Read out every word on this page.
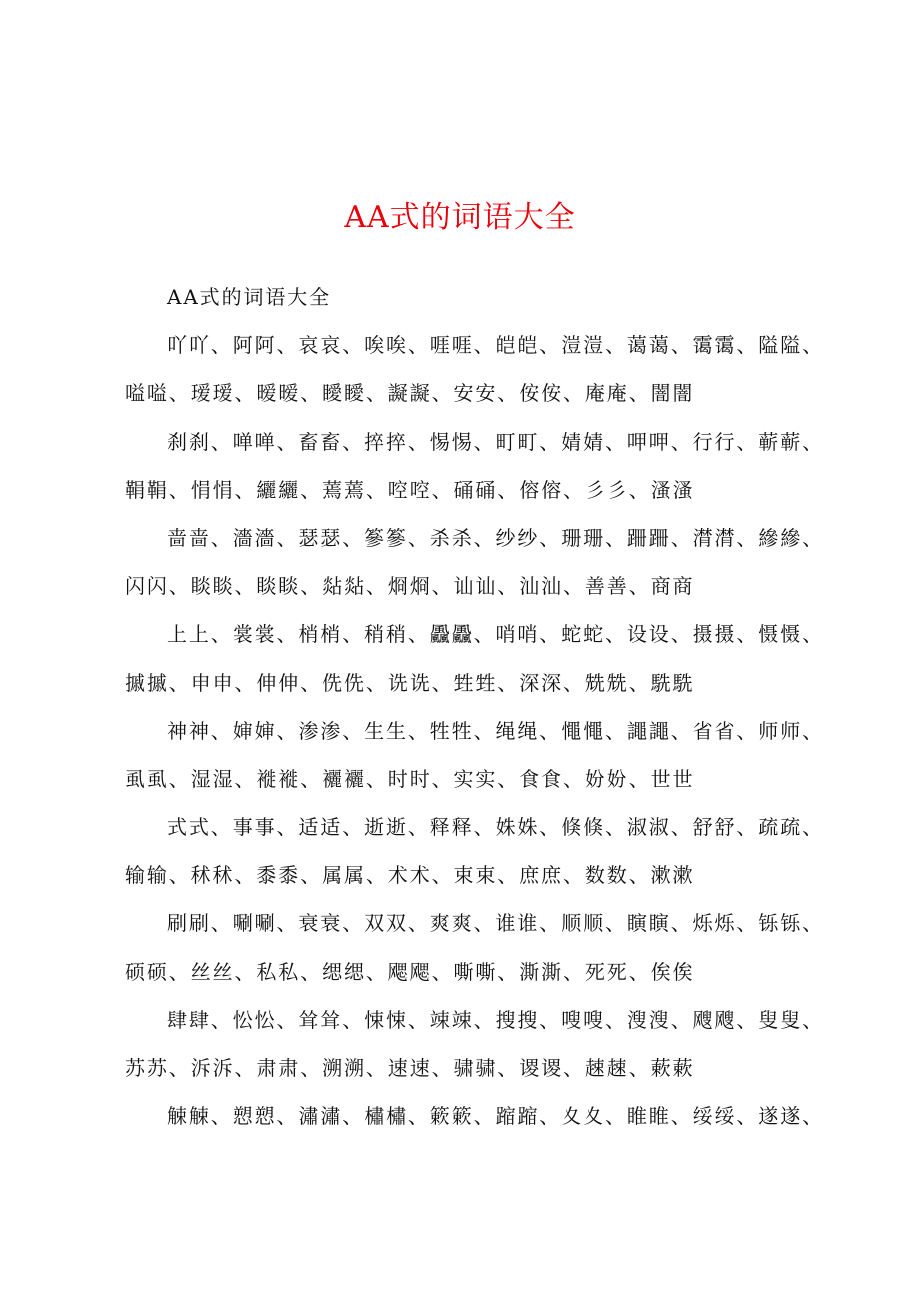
AA式的词语大全
AA式的词语大全
吖吖、阿阿、哀哀、唉唉、啀啀、皑皑、溰溰、蔼蔼、霭霭、隘隘、
嗌嗌、瑷瑷、暧暧、瞹瞹、譺譺、安安、侒侒、庵庵、闇闇
刹刹、啴啴、畜畜、捽捽、惕惕、町町、婧婧、呷呷、行行、蕲蕲、
鞙鞙、悁悁、纚纚、蔫蔫、啌啌、硧硧、傛傛、彡彡、溞溞
啬啬、濇濇、瑟瑟、篸篸、杀杀、纱纱、珊珊、跚跚、潸潸、縿縿、
闪闪、睒睒、睒睒、煔煔、烱烱、讪讪、汕汕、善善、商商
上上、裳裳、梢梢、稍稍、飍飍、哨哨、蛇蛇、设设、摄摄、慑慑、
摵摵、申申、伸伸、侁侁、诜诜、甡甡、深深、兟兟、駪駪
神神、婶婶、渗渗、生生、牲牲、绳绳、憴憴、譝譝、省省、师师、
虱虱、湿湿、褷褷、襹襹、时时、实实、食食、妢妢、世世
式式、事事、适适、逝逝、释释、姝姝、倏倏、淑淑、舒舒、疏疏、
输输、秫秫、黍黍、属属、术术、束束、庶庶、数数、漱漱
刷刷、唰唰、衰衰、双双、爽爽、谁谁、顺顺、瞚瞚、烁烁、铄铄、
硕硕、丝丝、私私、缌缌、飔飔、嘶嘶、澌澌、死死、俟俟
肆肆、忪忪、耸耸、悚悚、竦竦、搜搜、嗖嗖、溲溲、飕飕、叟叟、
苏苏、泝泝、肃肃、溯溯、速速、骕骕、谡谡、趚趚、蔌蔌
觫觫、愬愬、潚潚、橚橚、簌簌、蹜蹜、夊夊、睢睢、绥绥、遂遂、
